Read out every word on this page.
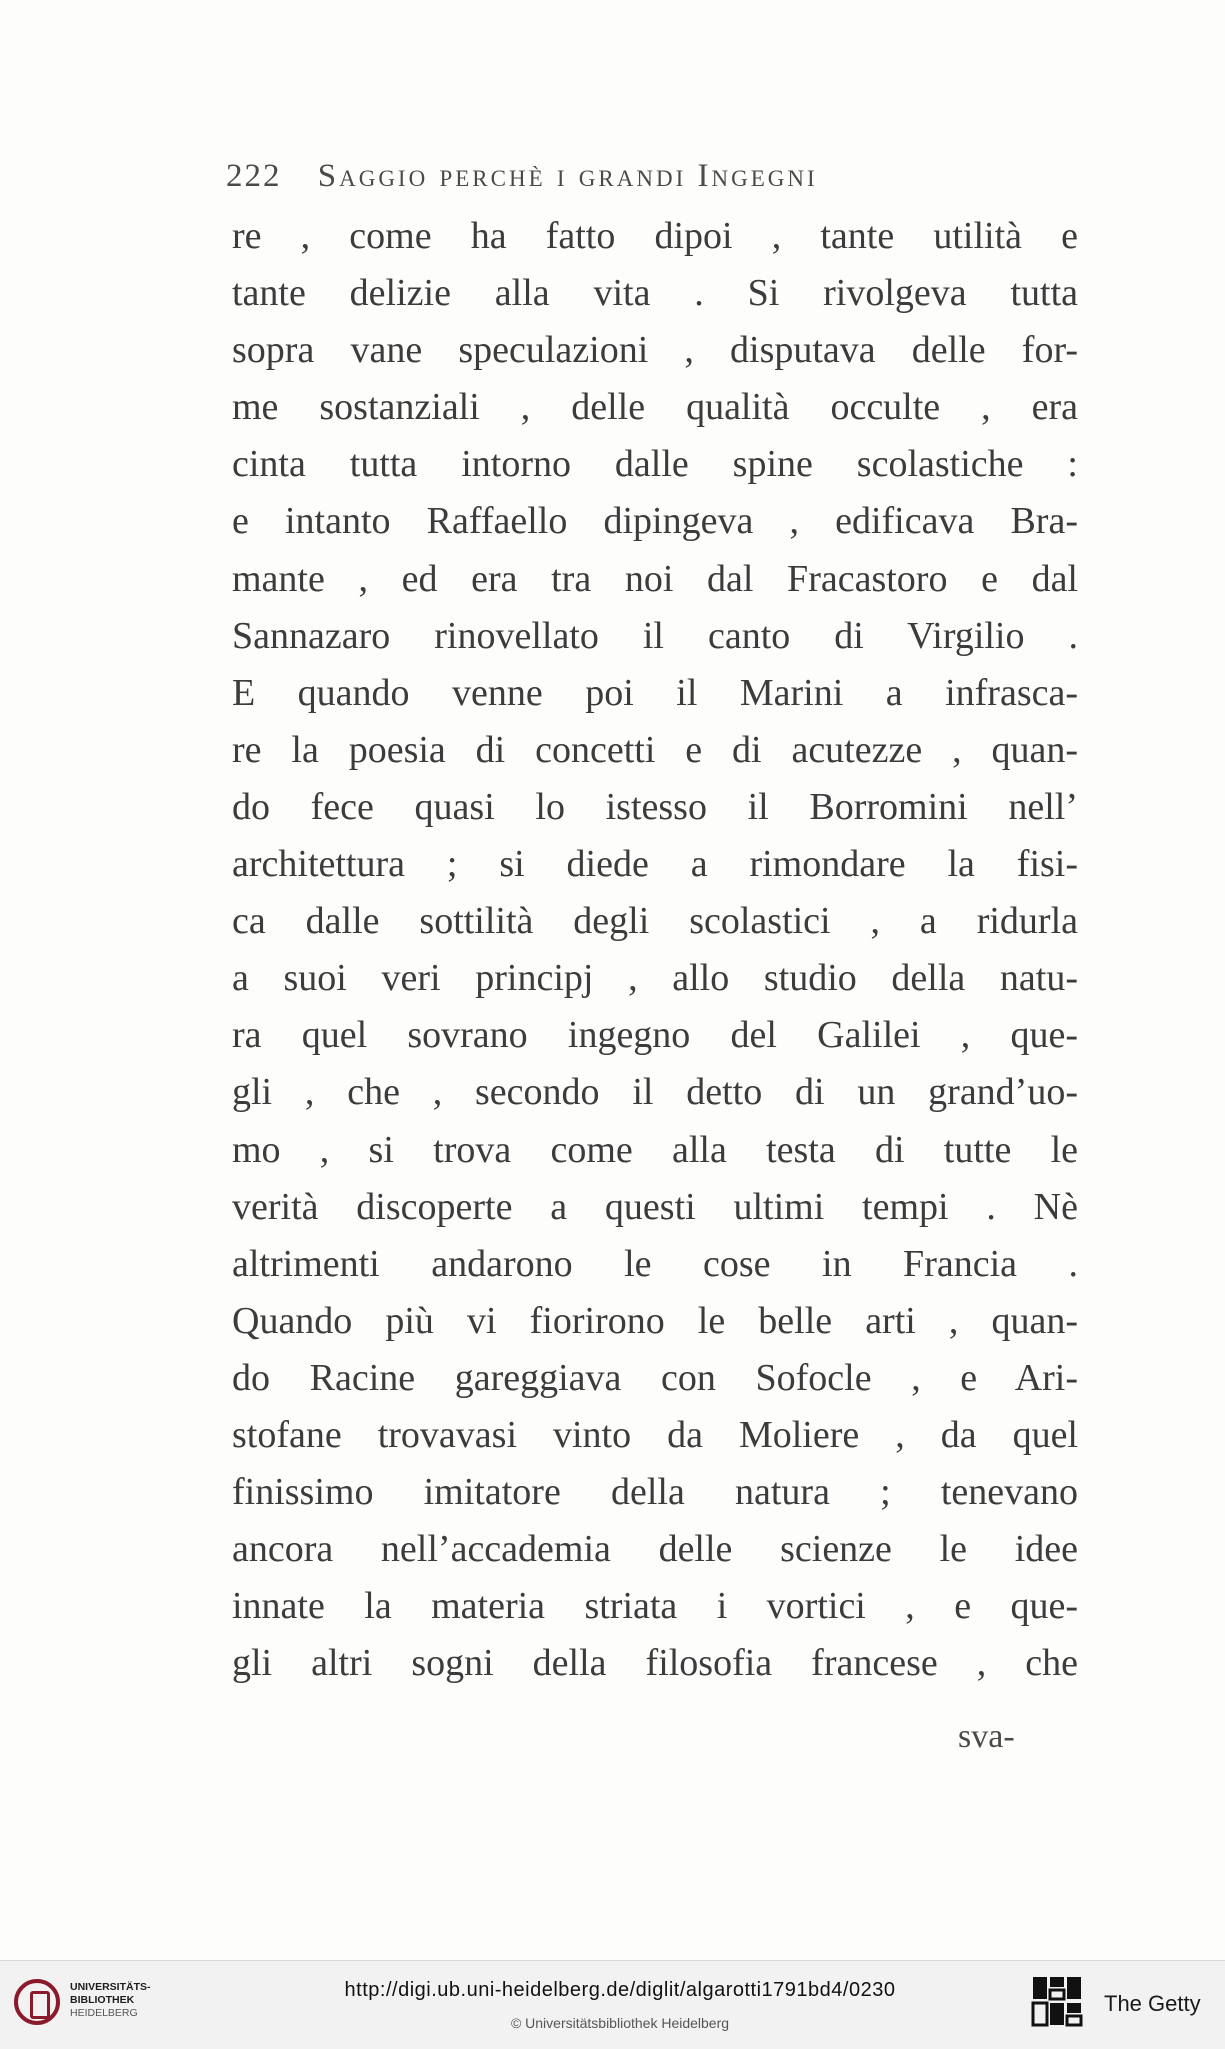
222 Saggio perchè i grandi Ingegni
re , come ha fatto dipoi , tante utilità e
tante delizie alla vita . Si rivolgeva tutta
sopra vane speculazioni , disputava delle for-
me sostanziali , delle qualità occulte , era
cinta tutta intorno dalle spine scolastiche :
e intanto Raffaello dipingeva , edificava Bra-
mante , ed era tra noi dal Fracastoro e dal
Sannazaro rinovellato il canto di Virgilio .
E quando venne poi il Marini a infrasca-
re la poesia di concetti e di acutezze , quan-
do fece quasi lo istesso il Borromini nell’
architettura ; si diede a rimondare la fisi-
ca dalle sottilità degli scolastici , a ridurla
a suoi veri principj , allo studio della natu-
ra quel sovrano ingegno del Galilei , que-
gli , che , secondo il detto di un grand’uo-
mo , si trova come alla testa di tutte le
verità discoperte a questi ultimi tempi . Nè
altrimenti andarono le cose in Francia .
Quando più vi fiorirono le belle arti , quan-
do Racine gareggiava con Sofocle , e Ari-
stofane trovavasi vinto da Moliere , da quel
finissimo imitatore della natura ; tenevano
ancora nell’accademia delle scienze le idee
innate la materia striata i vortici , e que-
gli altri sogni della filosofia francese , che
sva-
UNIVERSITÄTS-
BIBLIOTHEK
HEIDELBERG
http://digi.ub.uni-heidelberg.de/diglit/algarotti1791bd4/0230
© Universitätsbibliothek Heidelberg
The Getty
